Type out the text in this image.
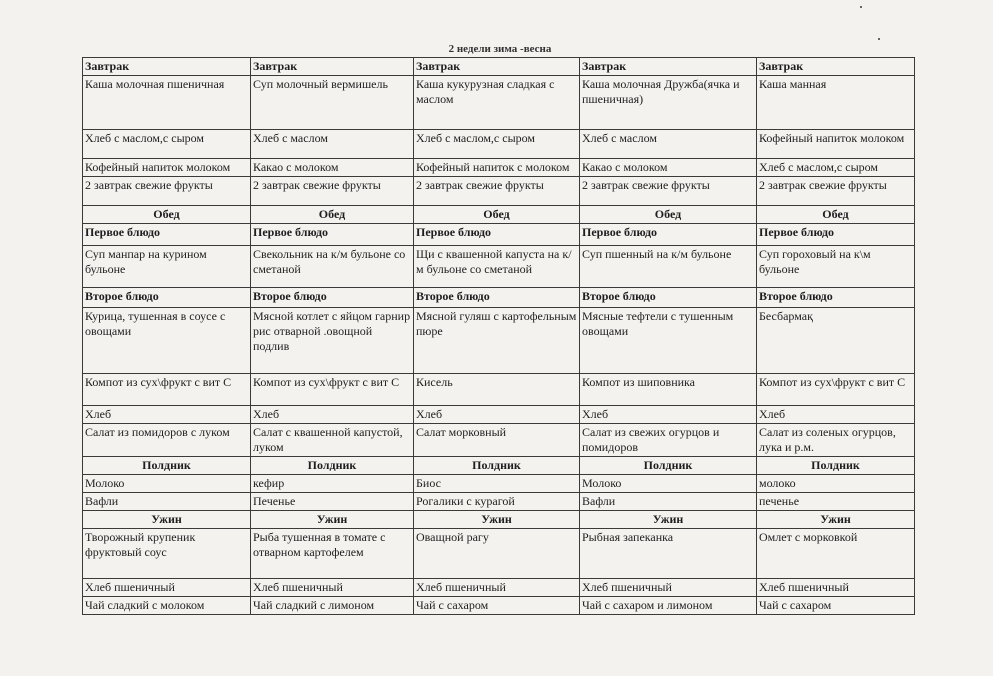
2 недели зима -весна
Завтрак	Завтрак	Завтрак	Завтрак	Завтрак
Каша молочная пшеничная	Суп молочный вермишель	Каша кукурузная сладкая с маслом	Каша молочная Дружба(ячка и пшеничная)	Каша манная
Хлеб с маслом,с сыром	Хлеб с маслом	Хлеб с маслом,с сыром	Хлеб с маслом	Кофейный напиток молоком
Кофейный напиток молоком	Какао с молоком	Кофейный напиток с молоком	Какао с молоком	Хлеб с маслом,с сыром
2 завтрак свежие фрукты	2 завтрак свежие фрукты	2 завтрак свежие фрукты	2 завтрак свежие фрукты	2 завтрак свежие фрукты
Обед	Обед	Обед	Обед	Обед
Первое блюдо	Первое блюдо	Первое блюдо	Первое блюдо	Первое блюдо
Суп манпар на курином бульоне	Свекольник на к/м бульоне со сметаной	Щи с квашенной капуста на к/м бульоне со сметаной	Суп пшенный на к/м бульоне	Суп гороховый на к\м бульоне
Второе блюдо	Второе блюдо	Второе блюдо	Второе блюдо	Второе блюдо
Курица, тушенная в соусе с овощами	Мясной котлет с яйцом гарнир рис отварной .овощной подлив	Мясной гуляш с картофельным пюре	Мясные тефтели с тушенным овощами	Бесбармақ
Компот из сух\фрукт с вит С	Компот из сух\фрукт с вит С	Кисель	Компот из шиповника	Компот из сух\фрукт с вит С
Хлеб	Хлеб	Хлеб	Хлеб	Хлеб
Салат из помидоров с луком	Салат с квашенной капустой, луком	Салат морковный	Салат из свежих огурцов и помидоров	Салат из соленых огурцов, лука и р.м.
Полдник	Полдник	Полдник	Полдник	Полдник
Молоко	кефир	Биос	Молоко	молоко
Вафли	Печенье	Рогалики с курагой	Вафли	печенье
Ужин	Ужин	Ужин	Ужин	Ужин
Творожный крупеник фруктовый соус	Рыба тушенная в томате с отварном картофелем	Оващной рагу	Рыбная запеканка	Омлет с морковкой
Хлеб пшеничный	Хлеб пшеничный	Хлеб пшеничный	Хлеб пшеничный	Хлеб пшеничный
Чай сладкий с молоком	Чай сладкий с лимоном	Чай с сахаром	Чай с сахаром и лимоном	Чай с сахаром
